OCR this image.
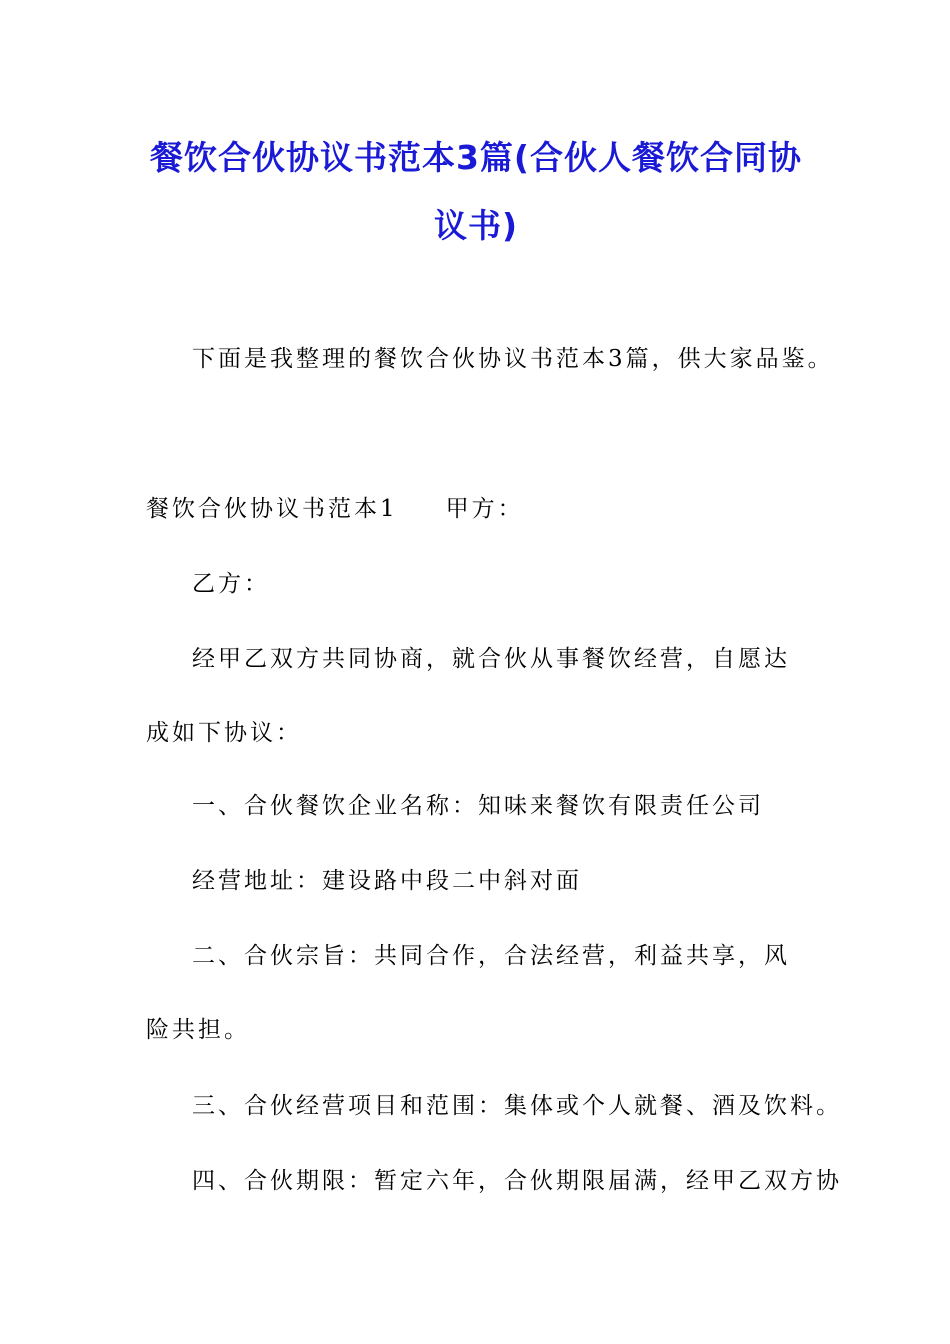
餐饮合伙协议书范本3篇(合伙人餐饮合同协议书)
下面是我整理的餐饮合伙协议书范本3篇，供大家品鉴。
餐饮合伙协议书范本1 甲方：
乙方：
经甲乙双方共同协商，就合伙从事餐饮经营，自愿达成如下协议：
一、合伙餐饮企业名称：知味来餐饮有限责任公司
经营地址：建设路中段二中斜对面
二、合伙宗旨：共同合作，合法经营，利益共享，风险共担。
三、合伙经营项目和范围：集体或个人就餐、酒及饮料。
四、合伙期限：暂定六年，合伙期限届满，经甲乙双方协
